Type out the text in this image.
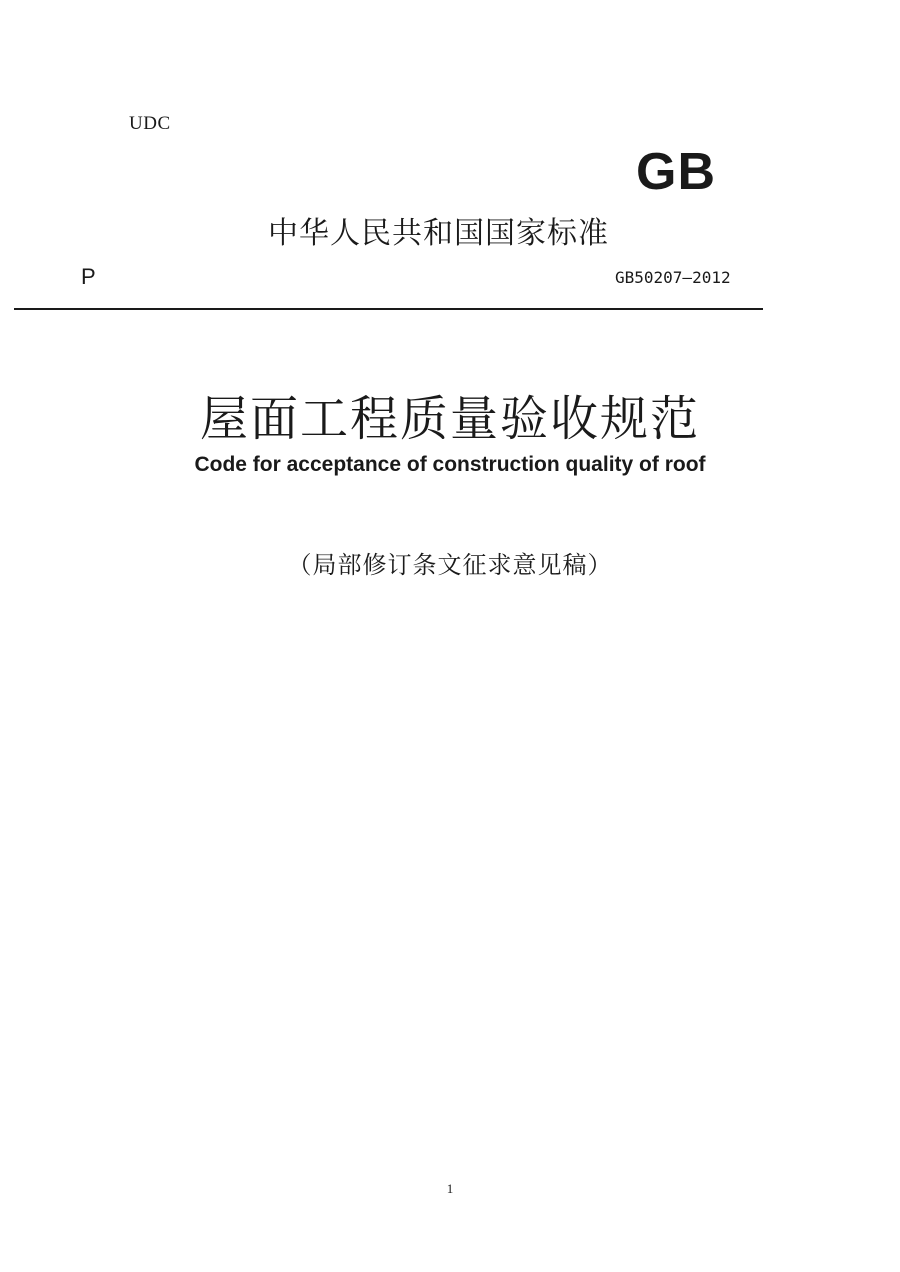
UDC
GB
中华人民共和国国家标准
P	GB50207—2012
屋面工程质量验收规范
Code for acceptance of construction quality of roof
（局部修订条文征求意见稿）
1
